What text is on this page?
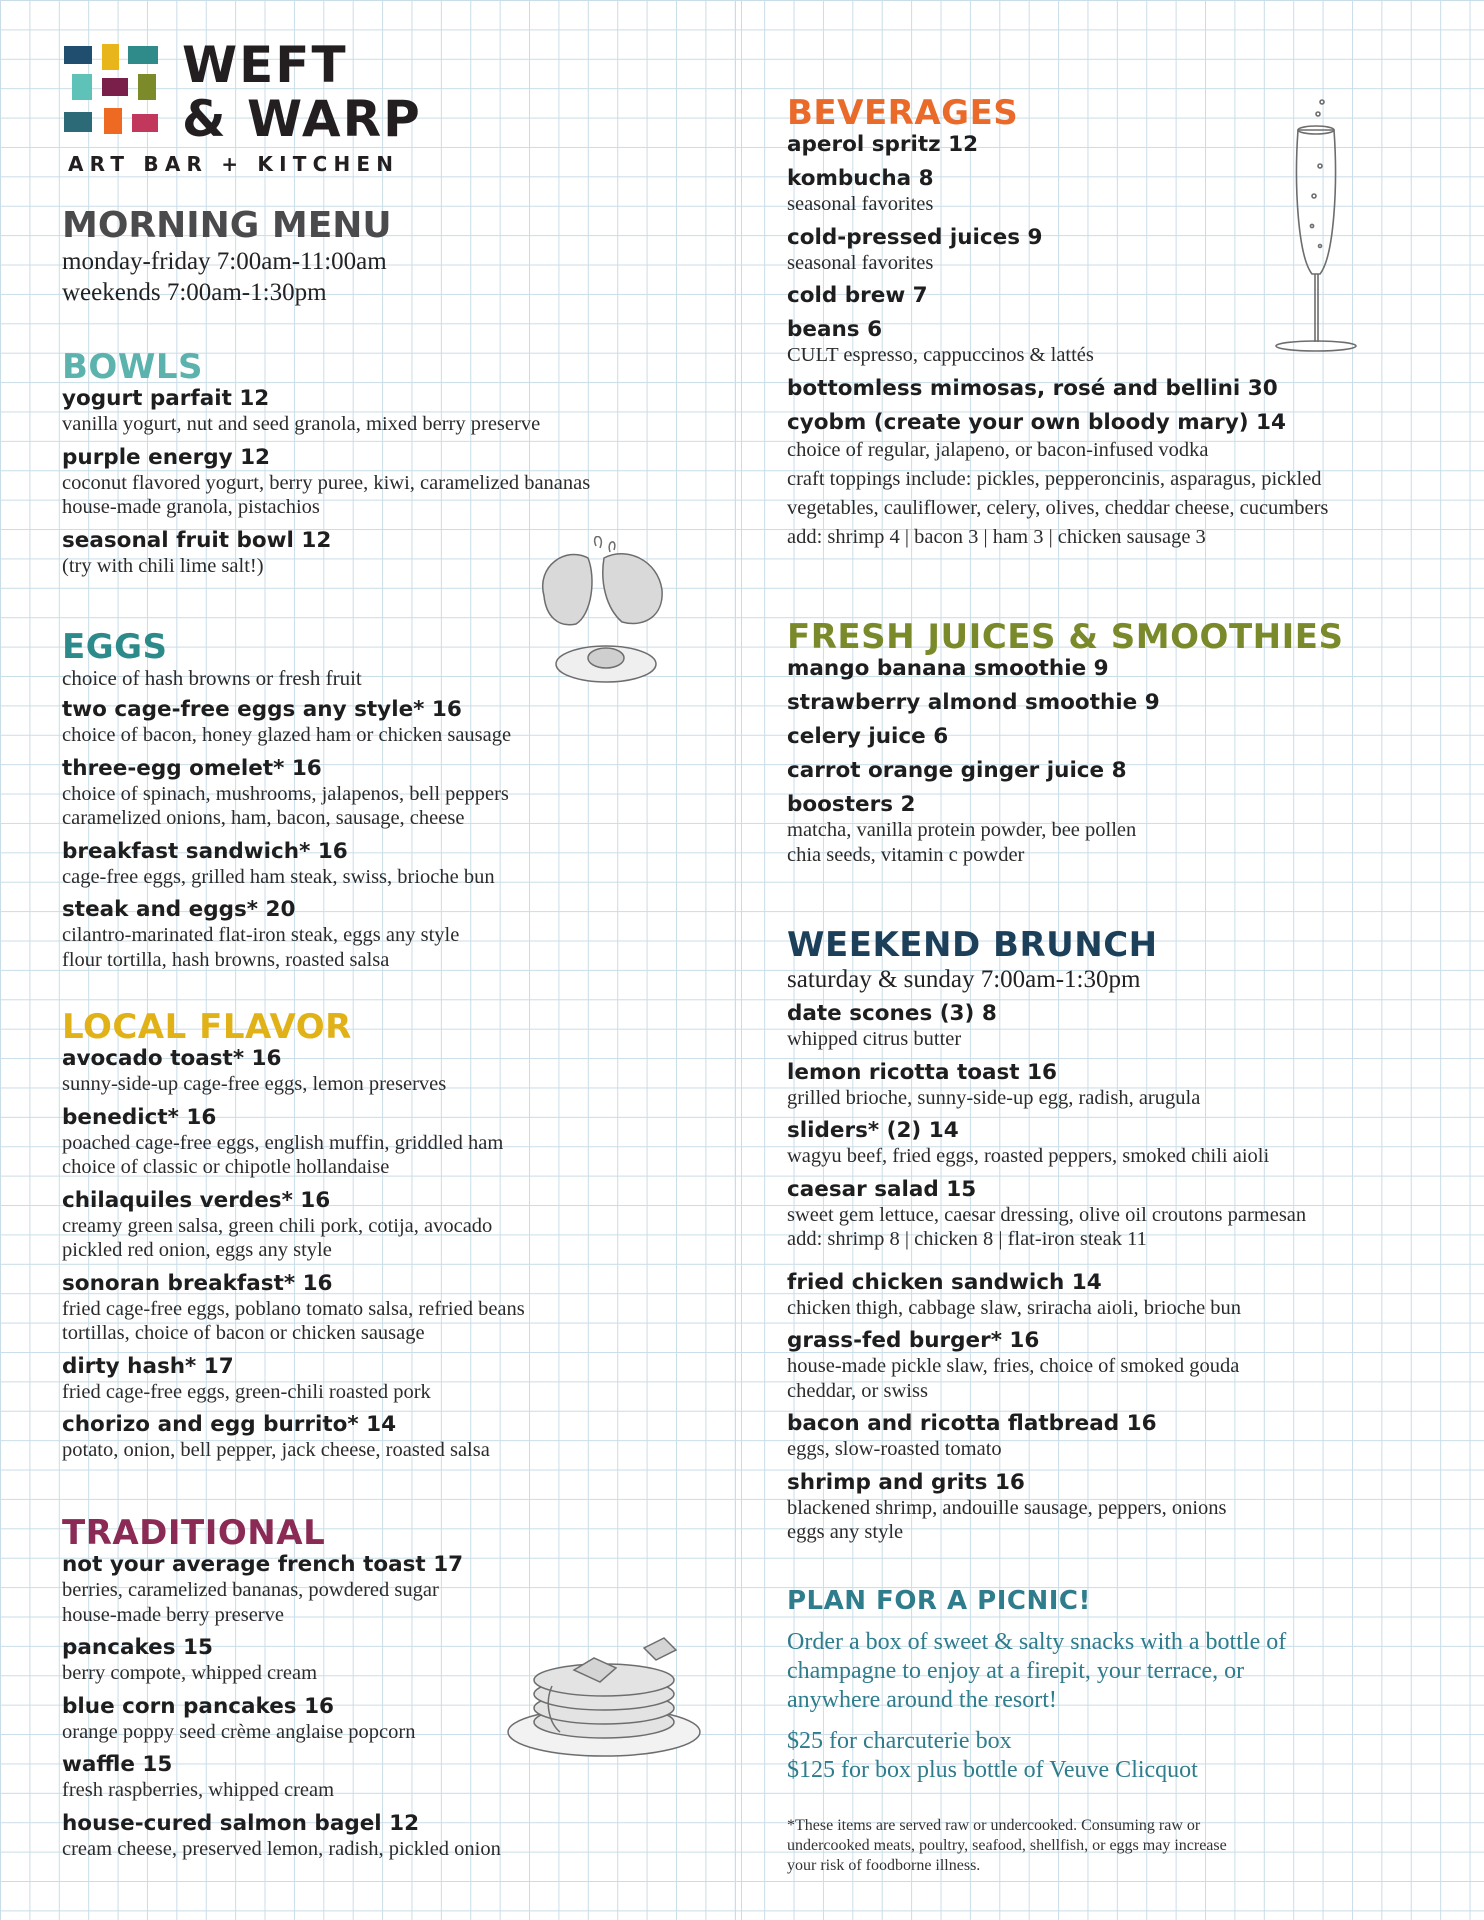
WEFT
& WARP
ART BAR + KITCHEN
MORNING MENU
monday-friday 7:00am-11:00am
weekends 7:00am-1:30pm
BOWLS
yogurt parfait 12
vanilla yogurt, nut and seed granola, mixed berry preserve
purple energy 12
coconut flavored yogurt, berry puree, kiwi, caramelized bananas
house-made granola, pistachios
seasonal fruit bowl 12
(try with chili lime salt!)
EGGS
choice of hash browns or fresh fruit
two cage-free eggs any style* 16
choice of bacon, honey glazed ham or chicken sausage
three-egg omelet* 16
choice of spinach, mushrooms, jalapenos, bell peppers
caramelized onions, ham, bacon, sausage, cheese
breakfast sandwich* 16
cage-free eggs, grilled ham steak, swiss, brioche bun
steak and eggs* 20
cilantro-marinated flat-iron steak, eggs any style
flour tortilla, hash browns, roasted salsa
LOCAL FLAVOR
avocado toast* 16
sunny-side-up cage-free eggs, lemon preserves
benedict* 16
poached cage-free eggs, english muffin, griddled ham
choice of classic or chipotle hollandaise
chilaquiles verdes* 16
creamy green salsa, green chili pork, cotija, avocado
pickled red onion, eggs any style
sonoran breakfast* 16
fried cage-free eggs, poblano tomato salsa, refried beans
tortillas, choice of bacon or chicken sausage
dirty hash* 17
fried cage-free eggs, green-chili roasted pork
chorizo and egg burrito* 14
potato, onion, bell pepper, jack cheese, roasted salsa
TRADITIONAL
not your average french toast 17
berries, caramelized bananas, powdered sugar
house-made berry preserve
pancakes 15
berry compote, whipped cream
blue corn pancakes 16
orange poppy seed crème anglaise popcorn
waffle 15
fresh raspberries, whipped cream
house-cured salmon bagel 12
cream cheese, preserved lemon, radish, pickled onion
BEVERAGES
aperol spritz 12
kombucha 8
seasonal favorites
cold-pressed juices 9
seasonal favorites
cold brew 7
beans 6
CULT espresso, cappuccinos & lattés
bottomless mimosas, rosé and bellini 30
cyobm (create your own bloody mary) 14
choice of regular, jalapeno, or bacon-infused vodka
craft toppings include: pickles, pepperoncinis, asparagus, pickled
vegetables, cauliflower, celery, olives, cheddar cheese, cucumbers
add: shrimp 4 | bacon 3 | ham 3 | chicken sausage 3
FRESH JUICES & SMOOTHIES
mango banana smoothie 9
strawberry almond smoothie 9
celery juice 6
carrot orange ginger juice 8
boosters 2
matcha, vanilla protein powder, bee pollen
chia seeds, vitamin c powder
WEEKEND BRUNCH
saturday & sunday 7:00am-1:30pm
date scones (3) 8
whipped citrus butter
lemon ricotta toast 16
grilled brioche, sunny-side-up egg, radish, arugula
sliders* (2) 14
wagyu beef, fried eggs, roasted peppers, smoked chili aioli
caesar salad 15
sweet gem lettuce, caesar dressing, olive oil croutons parmesan
add: shrimp 8 | chicken 8 | flat-iron steak 11
fried chicken sandwich 14
chicken thigh, cabbage slaw, sriracha aioli, brioche bun
grass-fed burger* 16
house-made pickle slaw, fries, choice of smoked gouda
cheddar, or swiss
bacon and ricotta flatbread 16
eggs, slow-roasted tomato
shrimp and grits 16
blackened shrimp, andouille sausage, peppers, onions
eggs any style
PLAN FOR A PICNIC!
Order a box of sweet & salty snacks with a bottle of
champagne to enjoy at a firepit, your terrace, or
anywhere around the resort!
$25 for charcuterie box
$125 for box plus bottle of Veuve Clicquot
*These items are served raw or undercooked. Consuming raw or
undercooked meats, poultry, seafood, shellfish, or eggs may increase
your risk of foodborne illness.
